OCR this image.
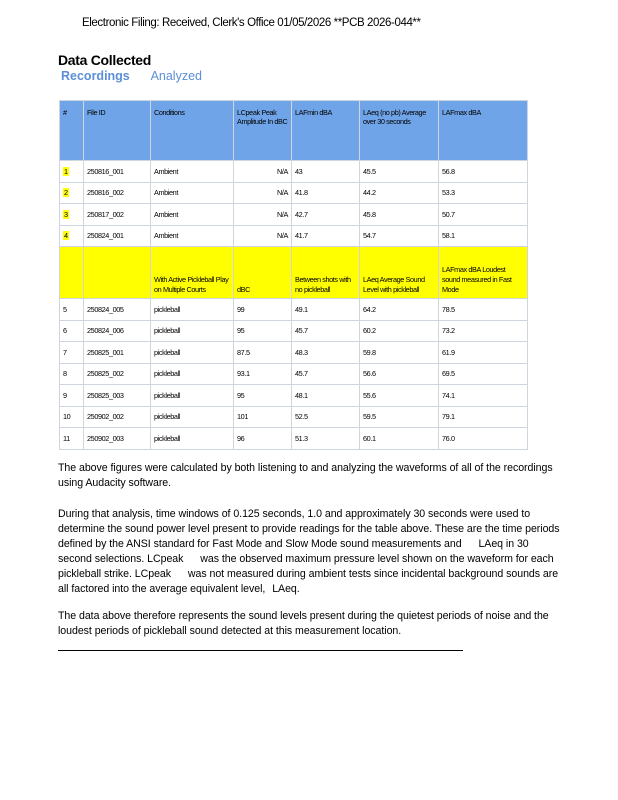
Electronic Filing: Received, Clerk's Office 01/05/2026 **PCB 2026-044**
Data Collected
Recordings Analyzed
#	File ID	Conditions	LCpeak Peak Amplitude In dBC	LAFmin dBA	LAeq (no pb) Average over 30 seconds	LAFmax dBA
1	250816_001	Ambient	N/A	43	45.5	56.8
2	250816_002	Ambient	N/A	41.8	44.2	53.3
3	250817_002	Ambient	N/A	42.7	45.8	50.7
4	250824_001	Ambient	N/A	41.7	54.7	58.1
		With Active Pickleball Play on Multiple Courts	dBC	Between shots with no pickleball	LAeq Average Sound Level with pickleball	LAFmax dBA Loudest sound measured in Fast Mode
5	250824_005	pickleball	99	49.1	64.2	78.5
6	250824_006	pickleball	95	45.7	60.2	73.2
7	250825_001	pickleball	87.5	48.3	59.8	61.9
8	250825_002	pickleball	93.1	45.7	56.6	69.5
9	250825_003	pickleball	95	48.1	55.6	74.1
10	250902_002	pickleball	101	52.5	59.5	79.1
11	250902_003	pickleball	96	51.3	60.1	76.0
The above figures were calculated by both listening to and analyzing the waveforms of all of the recordings using Audacity software.
During that analysis, time windows of 0.125 seconds, 1.0 and approximately 30 seconds were used to determine the sound power level present to provide readings for the table above. These are the time periods defined by the ANSI standard for Fast Mode and Slow Mode sound measurements and LAeq in 30 second selections. LCpeak was the observed maximum pressure level shown on the waveform for each pickleball strike. LCpeak was not measured during ambient tests since incidental background sounds are all factored into the average equivalent level, LAeq.
The data above therefore represents the sound levels present during the quietest periods of noise and the loudest periods of pickleball sound detected at this measurement location.
